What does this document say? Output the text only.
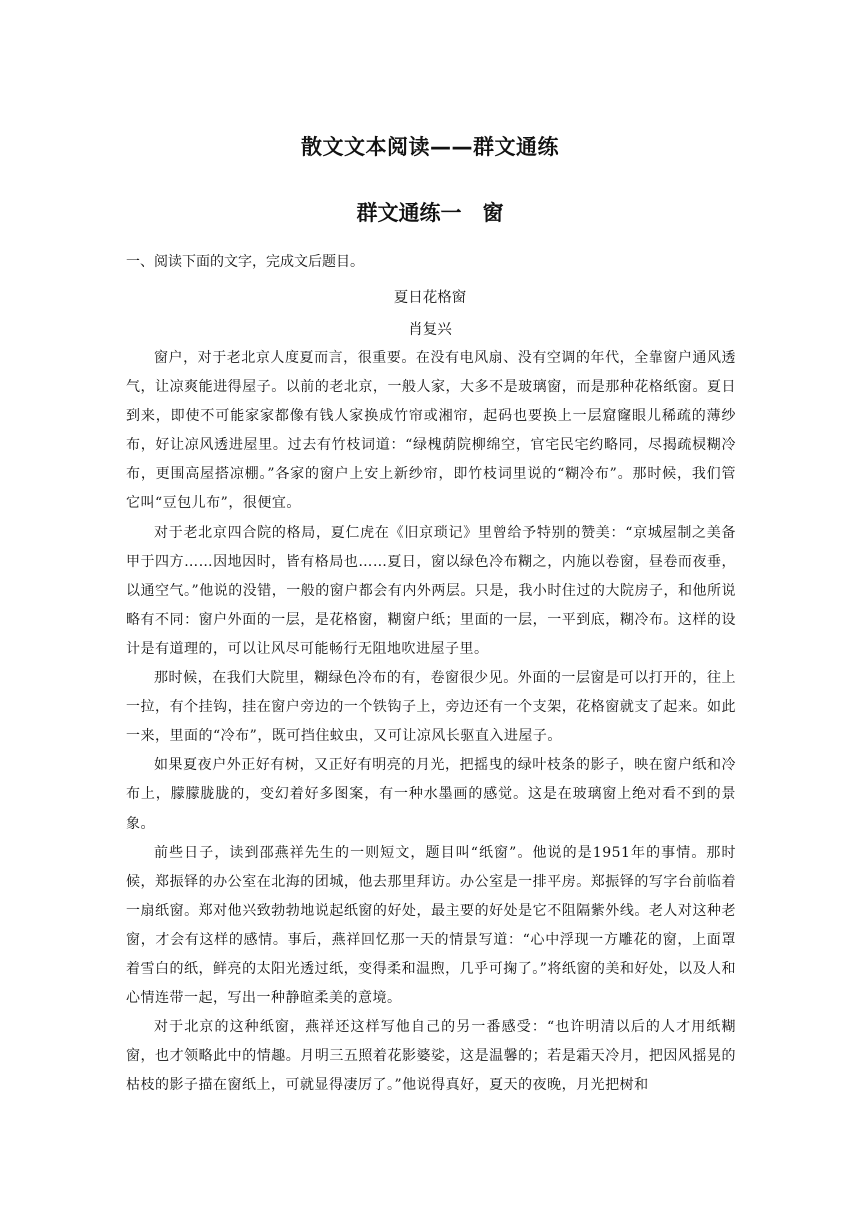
散文文本阅读——群文通练
群文通练一　窗
一、阅读下面的文字，完成文后题目。
夏日花格窗
肖复兴

窗户，对于老北京人度夏而言，很重要。在没有电风扇、没有空调的年代，全靠窗户通风透气，让凉爽能进得屋子。以前的老北京，一般人家，大多不是玻璃窗，而是那种花格纸窗。夏日到来，即使不可能家家都像有钱人家换成竹帘或湘帘，起码也要换上一层窟窿眼儿稀疏的薄纱布，好让凉风透进屋里。过去有竹枝词道：“绿槐荫院柳绵空，官宅民宅约略同，尽揭疏棂糊冷布，更围高屋搭凉棚。”各家的窗户上安上新纱帘，即竹枝词里说的“糊冷布”。那时候，我们管它叫“豆包儿布”，很便宜。

对于老北京四合院的格局，夏仁虎在《旧京琐记》里曾给予特别的赞美：“京城屋制之美备甲于四方……因地因时，皆有格局也……夏日，窗以绿色冷布糊之，内施以卷窗，昼卷而夜垂，以通空气。”他说的没错，一般的窗户都会有内外两层。只是，我小时住过的大院房子，和他所说略有不同：窗户外面的一层，是花格窗，糊窗户纸；里面的一层，一平到底，糊冷布。这样的设计是有道理的，可以让风尽可能畅行无阻地吹进屋子里。

那时候，在我们大院里，糊绿色冷布的有，卷窗很少见。外面的一层窗是可以打开的，往上一拉，有个挂钩，挂在窗户旁边的一个铁钩子上，旁边还有一个支架，花格窗就支了起来。如此一来，里面的“冷布”，既可挡住蚊虫，又可让凉风长驱直入进屋子。

如果夏夜户外正好有树，又正好有明亮的月光，把摇曳的绿叶枝条的影子，映在窗户纸和冷布上，朦朦胧胧的，变幻着好多图案，有一种水墨画的感觉。这是在玻璃窗上绝对看不到的景象。

前些日子，读到邵燕祥先生的一则短文，题目叫“纸窗”。他说的是1951年的事情。那时候，郑振铎的办公室在北海的团城，他去那里拜访。办公室是一排平房。郑振铎的写字台前临着一扇纸窗。郑对他兴致勃勃地说起纸窗的好处，最主要的好处是它不阻隔紫外线。老人对这种老窗，才会有这样的感情。事后，燕祥回忆那一天的情景写道：“心中浮现一方雕花的窗，上面罩着雪白的纸，鲜亮的太阳光透过纸，变得柔和温煦，几乎可掬了。”将纸窗的美和好处，以及人和心情连带一起，写出一种静暄柔美的意境。

对于北京的这种纸窗，燕祥还这样写他自己的另一番感受：“也许明清以后的人才用纸糊窗，也才领略此中的情趣。月明三五照着花影婆娑，这是温馨的；若是霜天冷月，把因风摇晃的枯枝的影子描在窗纸上，可就显得凄厉了。”他说得真好，夏天的夜晚，月光把树和
